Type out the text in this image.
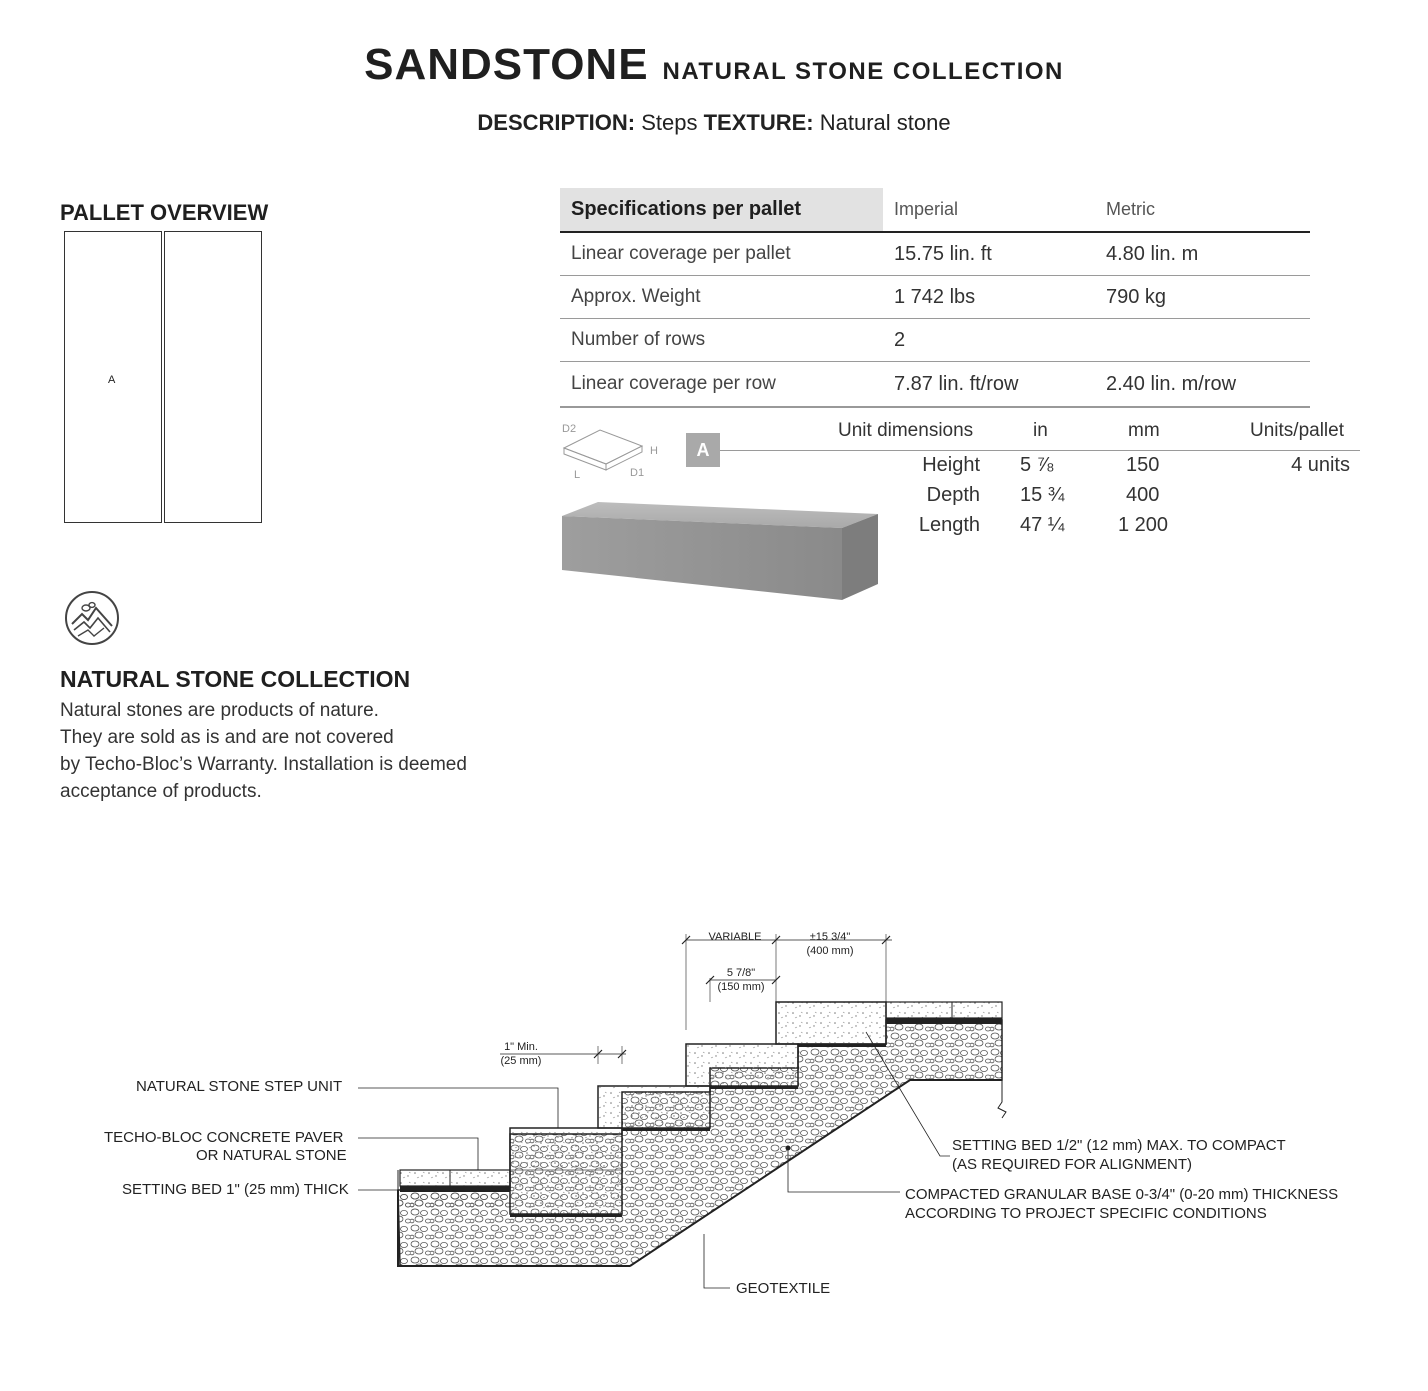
SANDSTONE NATURAL STONE COLLECTION
DESCRIPTION: Steps TEXTURE: Natural stone
PALLET OVERVIEW
A
NATURAL STONE COLLECTION
Natural stones are products of nature.
They are sold as is and are not covered
by Techo-Bloc’s Warranty. Installation is deemed
acceptance of products.
Specifications per pallet	Imperial	Metric
Linear coverage per pallet	15.75 lin. ft	4.80 lin. m
Approx. Weight	1 742 lbs	790 kg
Number of rows	2
Linear coverage per row	7.87 lin. ft/row	2.40 lin. m/row
D2
H
L	D1
A
Unit dimensions	in	mm	Units/pallet
Height 5 ⅞	150	4 units
Depth 15 ¾	400
Length 47 ¼	1 200
VARIABLE	±15 3/4"
(400 mm)
5 7/8"
(150 mm)
1" Min.
(25 mm)
NATURAL STONE STEP UNIT
TECHO-BLOC CONCRETE PAVER
OR NATURAL STONE
SETTING BED 1" (25 mm) THICK
SETTING BED 1/2" (12 mm) MAX. TO COMPACT
(AS REQUIRED FOR ALIGNMENT)
COMPACTED GRANULAR BASE 0-3/4" (0-20 mm) THICKNESS
ACCORDING TO PROJECT SPECIFIC CONDITIONS
GEOTEXTILE
